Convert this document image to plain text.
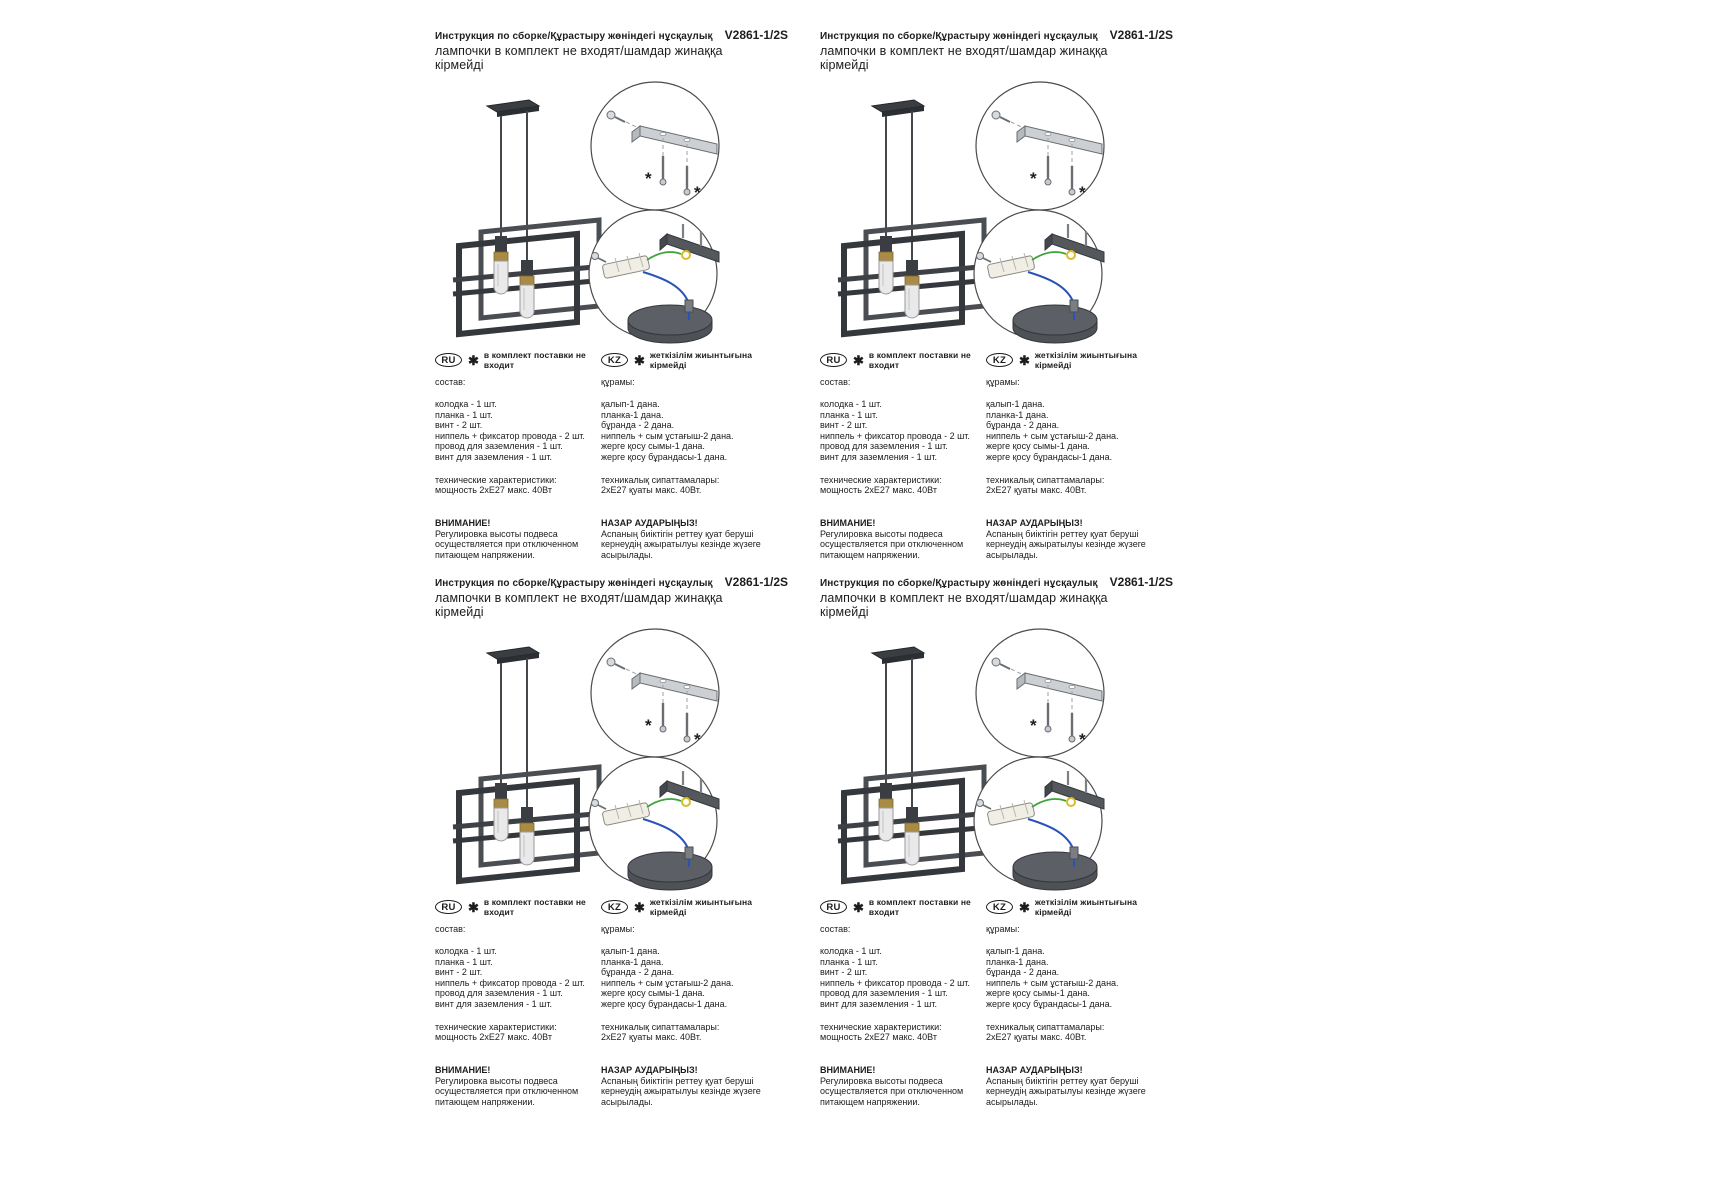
Инструкция по сборке/Құрастыру жөніндегі нұсқаулық V2861-1/2S
лампочки в комплект не входят/шамдар жинаққа кірмейді
*
*
RU ✱ в комплект поставки не входит
состав:
колодка - 1 шт.
планка - 1 шт.
винт - 2 шт.
ниппель + фиксатор провода - 2 шт.
провод для заземления - 1 шт.
винт для заземления - 1 шт.
технические характеристики:
мощность 2хЕ27 макс. 40Вт
ВНИМАНИЕ!
Регулировка высоты подвеса осуществляется при отключенном питающем напряжении.
KZ ✱ жеткізілім жиынтығына кірмейді
құрамы:
қалып-1 дана.
планка-1 дана.
бұранда - 2 дана.
ниппель + сым ұстағыш-2 дана.
жерге қосу сымы-1 дана.
жерге қосу бұрандасы-1 дана.
техникалық сипаттамалары:
2хЕ27 қуаты макс. 40Вт.
НАЗАР АУДАРЫҢЫЗ!
Аспаның биіктігін реттеу қуат беруші кернеудің ажыратылуы кезінде жүзеге асырылады.
Инструкция по сборке/Құрастыру жөніндегі нұсқаулық V2861-1/2S
лампочки в комплект не входят/шамдар жинаққа кірмейді
*
*
RU ✱ в комплект поставки не входит
состав:
колодка - 1 шт.
планка - 1 шт.
винт - 2 шт.
ниппель + фиксатор провода - 2 шт.
провод для заземления - 1 шт.
винт для заземления - 1 шт.
технические характеристики:
мощность 2хЕ27 макс. 40Вт
ВНИМАНИЕ!
Регулировка высоты подвеса осуществляется при отключенном питающем напряжении.
KZ ✱ жеткізілім жиынтығына кірмейді
құрамы:
қалып-1 дана.
планка-1 дана.
бұранда - 2 дана.
ниппель + сым ұстағыш-2 дана.
жерге қосу сымы-1 дана.
жерге қосу бұрандасы-1 дана.
техникалық сипаттамалары:
2хЕ27 қуаты макс. 40Вт.
НАЗАР АУДАРЫҢЫЗ!
Аспаның биіктігін реттеу қуат беруші кернеудің ажыратылуы кезінде жүзеге асырылады.
Инструкция по сборке/Құрастыру жөніндегі нұсқаулық V2861-1/2S
лампочки в комплект не входят/шамдар жинаққа кірмейді
*
*
RU ✱ в комплект поставки не входит
состав:
колодка - 1 шт.
планка - 1 шт.
винт - 2 шт.
ниппель + фиксатор провода - 2 шт.
провод для заземления - 1 шт.
винт для заземления - 1 шт.
технические характеристики:
мощность 2хЕ27 макс. 40Вт
ВНИМАНИЕ!
Регулировка высоты подвеса осуществляется при отключенном питающем напряжении.
KZ ✱ жеткізілім жиынтығына кірмейді
құрамы:
қалып-1 дана.
планка-1 дана.
бұранда - 2 дана.
ниппель + сым ұстағыш-2 дана.
жерге қосу сымы-1 дана.
жерге қосу бұрандасы-1 дана.
техникалық сипаттамалары:
2хЕ27 қуаты макс. 40Вт.
НАЗАР АУДАРЫҢЫЗ!
Аспаның биіктігін реттеу қуат беруші кернеудің ажыратылуы кезінде жүзеге асырылады.
Инструкция по сборке/Құрастыру жөніндегі нұсқаулық V2861-1/2S
лампочки в комплект не входят/шамдар жинаққа кірмейді
*
*
RU ✱ в комплект поставки не входит
состав:
колодка - 1 шт.
планка - 1 шт.
винт - 2 шт.
ниппель + фиксатор провода - 2 шт.
провод для заземления - 1 шт.
винт для заземления - 1 шт.
технические характеристики:
мощность 2хЕ27 макс. 40Вт
ВНИМАНИЕ!
Регулировка высоты подвеса осуществляется при отключенном питающем напряжении.
KZ ✱ жеткізілім жиынтығына кірмейді
құрамы:
қалып-1 дана.
планка-1 дана.
бұранда - 2 дана.
ниппель + сым ұстағыш-2 дана.
жерге қосу сымы-1 дана.
жерге қосу бұрандасы-1 дана.
техникалық сипаттамалары:
2хЕ27 қуаты макс. 40Вт.
НАЗАР АУДАРЫҢЫЗ!
Аспаның биіктігін реттеу қуат беруші кернеудің ажыратылуы кезінде жүзеге асырылады.
